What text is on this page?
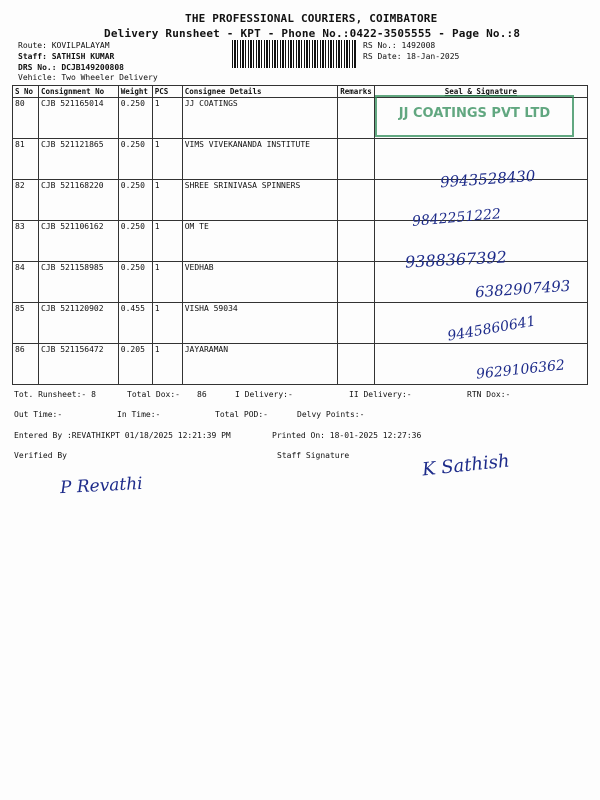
THE PROFESSIONAL COURIERS, COIMBATORE
Delivery Runsheet - KPT - Phone No.:0422-3505555 - Page No.:8
Route: KOVILPALAYAM
Staff: SATHISH KUMAR
DRS No.: DCJB149200808
Vehicle: Two Wheeler Delivery
RS No.: 1492008
RS Date: 18-Jan-2025
S No	Consignment No	Weight	PCS	Consignee Details	Remarks	Seal & Signature
80	CJB 521165014	0.250	1	JJ COATINGS		
81	CJB 521121865	0.250	1	VIMS VIVEKANANDA INSTITUTE		
82	CJB 521168220	0.250	1	SHREE SRINIVASA SPINNERS		
83	CJB 521106162	0.250	1	OM TE		
84	CJB 521158985	0.250	1	VEDHAB		
85	CJB 521120902	0.455	1	VISHA 59034		
86	CJB 521156472	0.205	1	JAYARAMAN		
JJ COATINGS PVT LTD
9943528430
9842251222
9388367392
6382907493
9445860641
9629106362
Tot. Runsheet:- 8	Total Dox:- 86	I Delivery:-	II Delivery:-	RTN Dox:-
Out Time:-	In Time:-	Total POD:-	Delvy Points:-
Entered By :REVATHIKPT 01/18/2025 12:21:39 PM	Printed On: 18-01-2025 12:27:36
Verified By	Staff Signature
P Revathi
K Sathish
